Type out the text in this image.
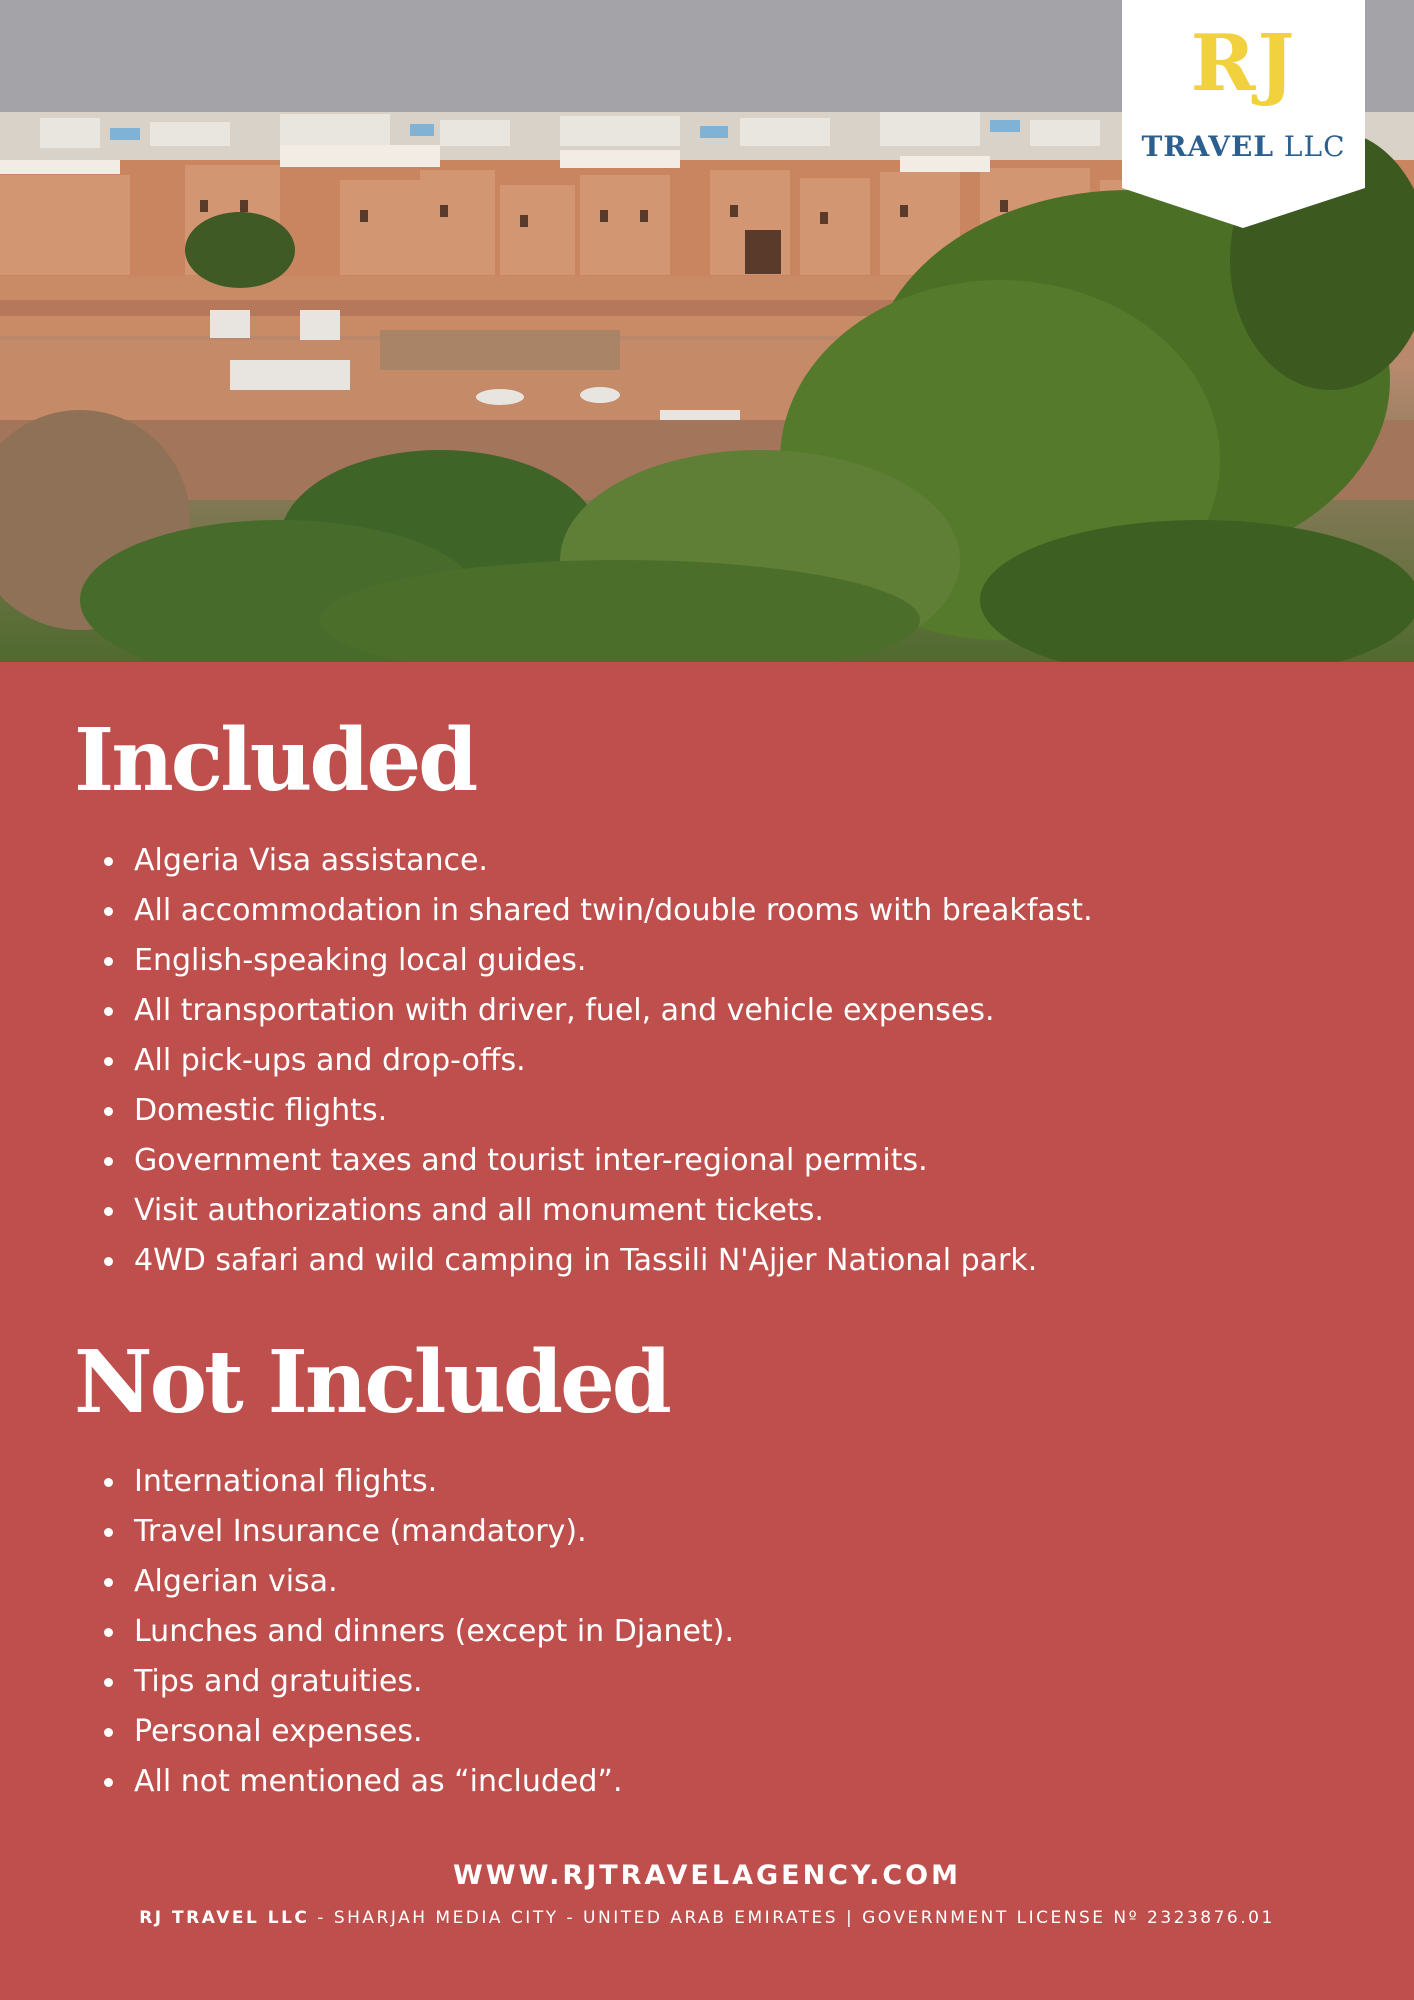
RJ
TRAVEL LLC
Included
Algeria Visa assistance.
All accommodation in shared twin/double rooms with breakfast.
English-speaking local guides.
All transportation with driver, fuel, and vehicle expenses.
All pick-ups and drop-offs.
Domestic flights.
Government taxes and tourist inter-regional permits.
Visit authorizations and all monument tickets.
4WD safari and wild camping in Tassili N'Ajjer National park.
Not Included
International flights.
Travel Insurance (mandatory).
Algerian visa.
Lunches and dinners (except in Djanet).
Tips and gratuities.
Personal expenses.
All not mentioned as “included”.
WWW.RJTRAVELAGENCY.COM
RJ TRAVEL LLC - SHARJAH MEDIA CITY - UNITED ARAB EMIRATES | GOVERNMENT LICENSE Nº 2323876.01
